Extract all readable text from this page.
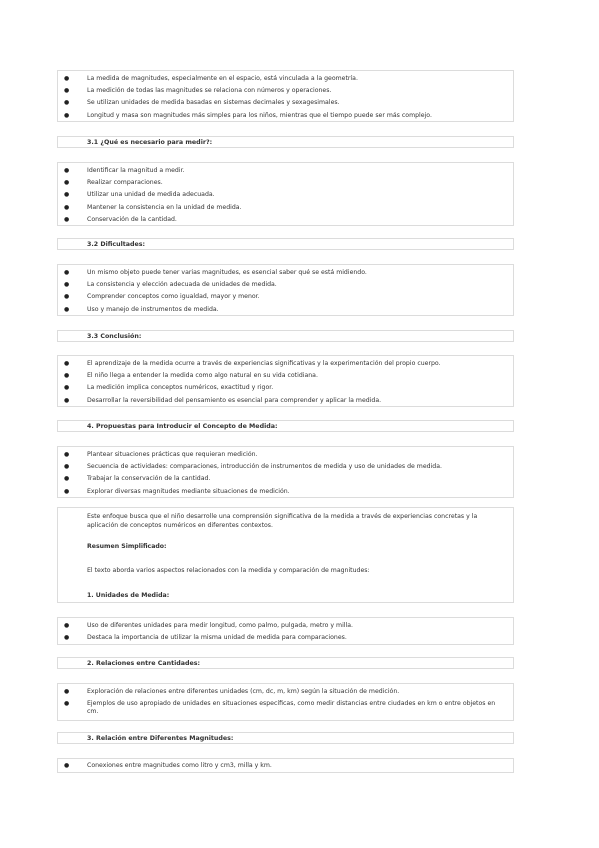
●	La medida de magnitudes, especialmente en el espacio, está vinculada a la geometría.
●	La medición de todas las magnitudes se relaciona con números y operaciones.
●	Se utilizan unidades de medida basadas en sistemas decimales y sexagesimales.
●	Longitud y masa son magnitudes más simples para los niños, mientras que el tiempo puede ser más complejo.
3.1 ¿Qué es necesario para medir?:
●	Identificar la magnitud a medir.
●	Realizar comparaciones.
●	Utilizar una unidad de medida adecuada.
●	Mantener la consistencia en la unidad de medida.
●	Conservación de la cantidad.
3.2 Dificultades:
●	Un mismo objeto puede tener varias magnitudes, es esencial saber qué se está midiendo.
●	La consistencia y elección adecuada de unidades de medida.
●	Comprender conceptos como igualdad, mayor y menor.
●	Uso y manejo de instrumentos de medida.
3.3 Conclusión:
●	El aprendizaje de la medida ocurre a través de experiencias significativas y la experimentación del propio cuerpo.
●	El niño llega a entender la medida como algo natural en su vida cotidiana.
●	La medición implica conceptos numéricos, exactitud y rigor.
●	Desarrollar la reversibilidad del pensamiento es esencial para comprender y aplicar la medida.
4. Propuestas para Introducir el Concepto de Medida:
●	Plantear situaciones prácticas que requieran medición.
●	Secuencia de actividades: comparaciones, introducción de instrumentos de medida y uso de unidades de medida.
●	Trabajar la conservación de la cantidad.
●	Explorar diversas magnitudes mediante situaciones de medición.
Este enfoque busca que el niño desarrolle una comprensión significativa de la medida a través de experiencias concretas y la aplicación de conceptos numéricos en diferentes contextos.
Resumen Simplificado:
El texto aborda varios aspectos relacionados con la medida y comparación de magnitudes:
1. Unidades de Medida:
●	Uso de diferentes unidades para medir longitud, como palmo, pulgada, metro y milla.
●	Destaca la importancia de utilizar la misma unidad de medida para comparaciones.
2. Relaciones entre Cantidades:
●	Exploración de relaciones entre diferentes unidades (cm, dc, m, km) según la situación de medición.
●	Ejemplos de uso apropiado de unidades en situaciones específicas, como medir distancias entre ciudades en km o entre objetos en cm.
3. Relación entre Diferentes Magnitudes:
●	Conexiones entre magnitudes como litro y cm3, milla y km.
